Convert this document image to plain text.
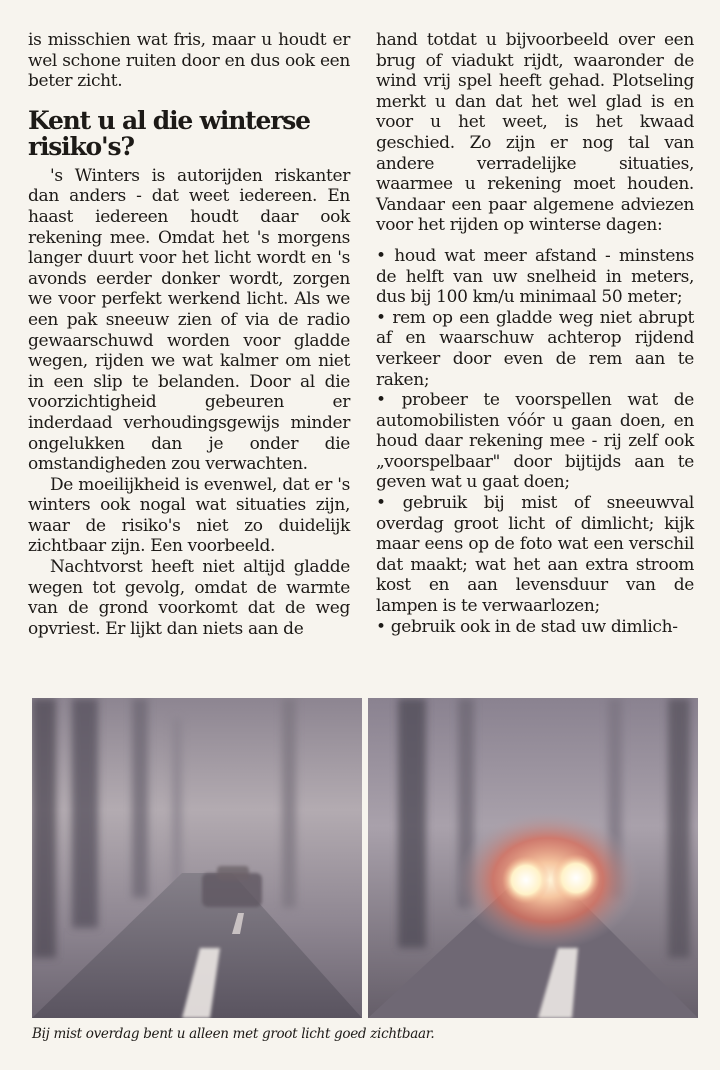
is misschien wat fris, maar u houdt er wel schone ruiten door en dus ook een beter zicht.

Kent u al die winterse risiko's?

's Winters is autorijden riskanter dan anders - dat weet iedereen. En haast iedereen houdt daar ook rekening mee. Omdat het 's morgens langer duurt voor het licht wordt en 's avonds eerder donker wordt, zorgen we voor perfekt werkend licht. Als we een pak sneeuw zien of via de radio gewaarschuwd worden voor gladde wegen, rijden we wat kalmer om niet in een slip te belanden. Door al die voorzichtigheid gebeuren er inderdaad verhoudingsgewijs minder ongelukken dan je onder die omstandigheden zou verwachten.

De moeilijkheid is evenwel, dat er 's winters ook nogal wat situaties zijn, waar de risiko's niet zo duidelijk zichtbaar zijn. Een voorbeeld.

Nachtvorst heeft niet altijd gladde wegen tot gevolg, omdat de warmte van de grond voorkomt dat de weg opvriest. Er lijkt dan niets aan de

hand totdat u bijvoorbeeld over een brug of viadukt rijdt, waaronder de wind vrij spel heeft gehad. Plotseling merkt u dan dat het wel glad is en voor u het weet, is het kwaad geschied. Zo zijn er nog tal van andere verradelijke situaties, waarmee u rekening moet houden. Vandaar een paar algemene adviezen voor het rijden op winterse dagen:

• houd wat meer afstand - minstens de helft van uw snelheid in meters, dus bij 100 km/u minimaal 50 meter;
• rem op een gladde weg niet abrupt af en waarschuw achterop rijdend verkeer door even de rem aan te raken;
• probeer te voorspellen wat de automobilisten vóór u gaan doen, en houd daar rekening mee - rij zelf ook „voorspelbaar" door bijtijds aan te geven wat u gaat doen;
• gebruik bij mist of sneeuwval overdag groot licht of dimlicht; kijk maar eens op de foto wat een verschil dat maakt; wat het aan extra stroom kost en aan levensduur van de lampen is te verwaarlozen;
• gebruik ook in de stad uw dimlich-
Bij mist overdag bent u alleen met groot licht goed zichtbaar.
